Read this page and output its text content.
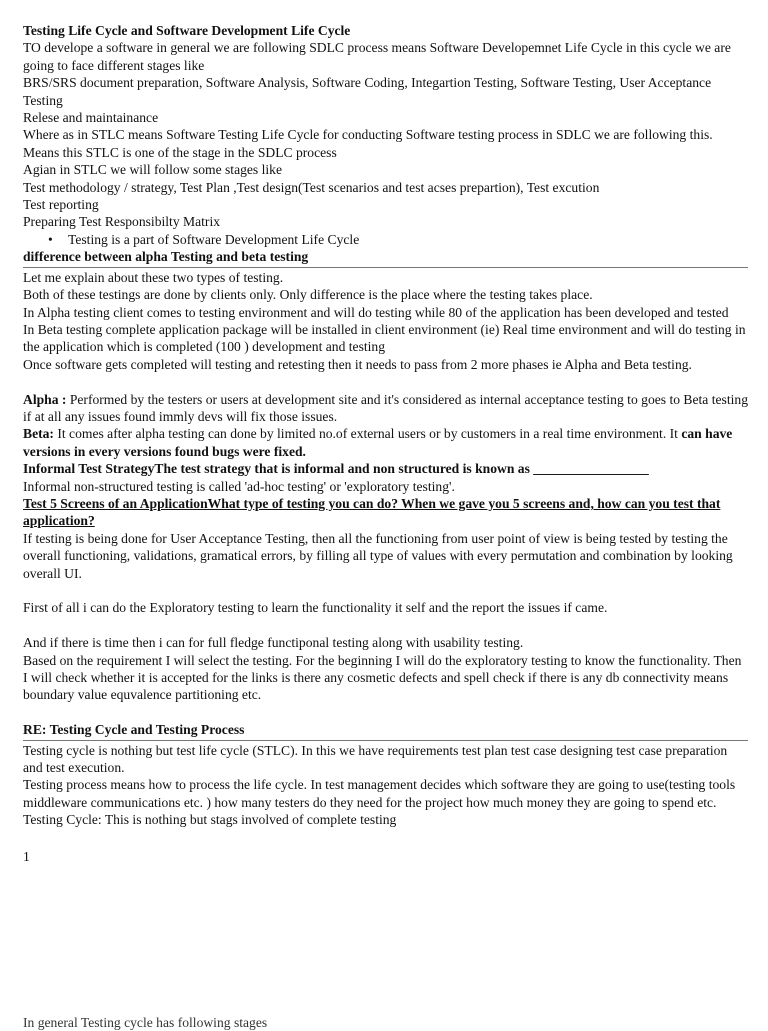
Testing Life Cycle and Software Development Life Cycle

TO develope a software in general we are following SDLC process means Software Developemnet Life Cycle in this cycle we are going to face different stages like

BRS/SRS document preparation, Software Analysis, Software Coding, Integartion Testing, Software Testing, User Acceptance Testing

Relese and maintainance

Where as in STLC means Software Testing Life Cycle for conducting Software testing process in SDLC we are following this.

Means this STLC is one of the stage in the SDLC process

Agian in STLC we will follow some stages like

Test methodology / strategy, Test Plan ,Test design(Test scenarios and test acses prepartion), Test excution

Test reporting

Preparing Test Responsibilty Matrix

• Testing is a part of Software Development Life Cycle

difference between alpha Testing and beta testing

Let me explain about these two types of testing.

Both of these testings are done by clients only. Only difference is the place where the testing takes place.

In Alpha testing client comes to testing environment and will do testing while 80 of the application has been developed and tested

In Beta testing complete application package will be installed in client environment (ie) Real time environment and will do testing in the application which is completed (100 ) development and testing

Once software gets completed will testing and retesting then it needs to pass from 2 more phases ie Alpha and Beta testing.

Alpha : Performed by the testers or users at development site and it's considered as internal acceptance testing to goes to Beta testing if at all any issues found immly devs will fix those issues.

Beta: It comes after alpha testing can done by limited no.of external users or by customers in a real time environment. It can have versions in every versions found bugs were fixed.

Informal Test StrategyThe test strategy that is informal and non structured is known as _________________

Informal non-structured testing is called 'ad-hoc testing' or 'exploratory testing'.

Test 5 Screens of an ApplicationWhat type of testing you can do? When we gave you 5 screens and, how can you test that application?

If testing is being done for User Acceptance Testing, then all the functioning from user point of view is being tested by testing the overall functioning, validations, gramatical errors, by filling all type of values with every permutation and combination by looking overall UI.

First of all i can do the Exploratory testing to learn the functionality it self and the report the issues if came.

And if there is time then i can for full fledge functiponal testing along with usability testing.

Based on the requirement I will select the testing. For the beginning I will do the exploratory testing to know the functionality. Then I will check whether it is accepted for the links is there any cosmetic defects and spell check if there is any db connectivity means boundary value equvalence partitioning etc.

RE: Testing Cycle and Testing Process

Testing cycle is nothing but test life cycle (STLC). In this we have requirements test plan test case designing test case preparation and test execution.

Testing process means how to process the life cycle. In test management decides which software they are going to use(testing tools middleware communications etc. ) how many testers do they need for the project how much money they are going to spend etc.

Testing Cycle: This is nothing but stags involved of complete testing

1

In general Testing cycle has following stages
